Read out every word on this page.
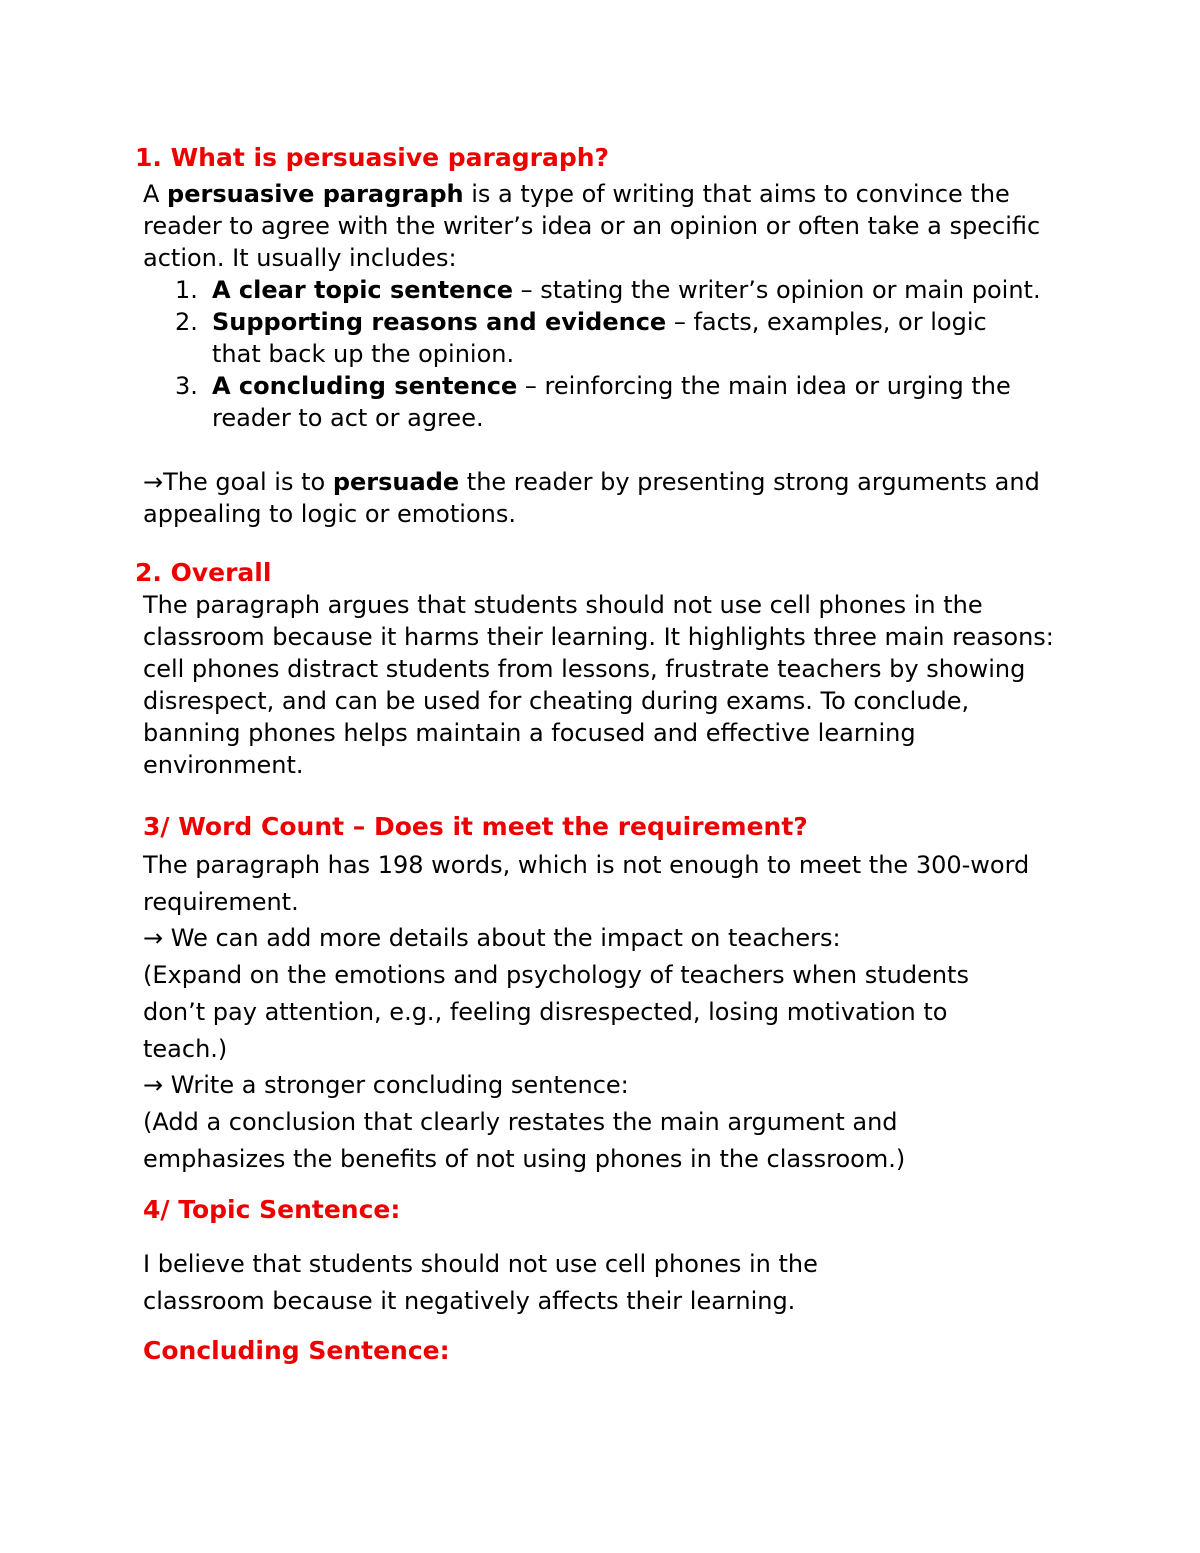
1. What is persuasive paragraph?
A persuasive paragraph is a type of writing that aims to convince the reader to agree with the writer’s idea or an opinion or often take a specific action. It usually includes:
1. A clear topic sentence – stating the writer’s opinion or main point.
2. Supporting reasons and evidence – facts, examples, or logic that back up the opinion.
3. A concluding sentence – reinforcing the main idea or urging the reader to act or agree.
→The goal is to persuade the reader by presenting strong arguments and appealing to logic or emotions.
2. Overall
The paragraph argues that students should not use cell phones in the classroom because it harms their learning. It highlights three main reasons: cell phones distract students from lessons, frustrate teachers by showing disrespect, and can be used for cheating during exams. To conclude, banning phones helps maintain a focused and effective learning environment.
3/ Word Count – Does it meet the requirement?
The paragraph has 198 words, which is not enough to meet the 300-word requirement.
→ We can add more details about the impact on teachers:
(Expand on the emotions and psychology of teachers when students don’t pay attention, e.g., feeling disrespected, losing motivation to teach.)
→ Write a stronger concluding sentence:
(Add a conclusion that clearly restates the main argument and emphasizes the benefits of not using phones in the classroom.)
4/ Topic Sentence:
I believe that students should not use cell phones in the classroom because it negatively affects their learning.
Concluding Sentence:
